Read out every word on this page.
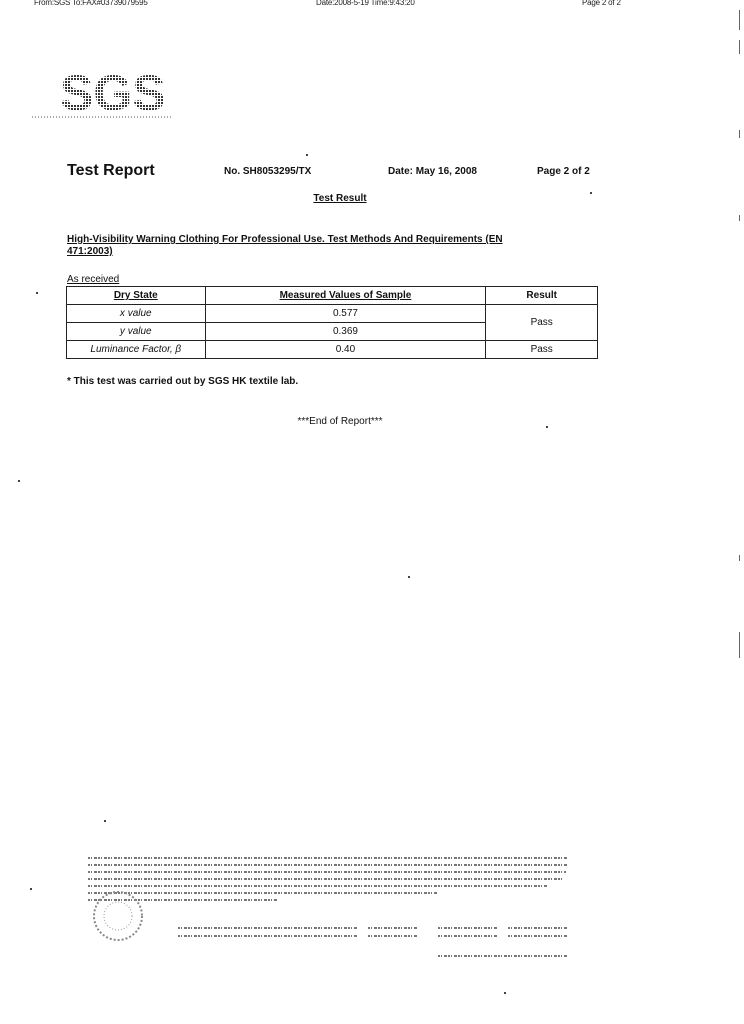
From:SGS To:FAX#03739079595	Date:2008-5-19 Time:9:43:20	Page 2 of 2
SGS
Test Report	No. SH8053295/TX	Date: May 16, 2008	Page 2 of 2
Test Result
High-Visibility Warning Clothing For Professional Use. Test Methods And Requirements (EN 471:2003)
As received
Dry State	Measured Values of Sample	Result
x value	0.577	Pass
y value	0.369	
Luminance Factor, β	0.40	Pass
* This test was carried out by SGS HK textile lab.
***End of Report***
